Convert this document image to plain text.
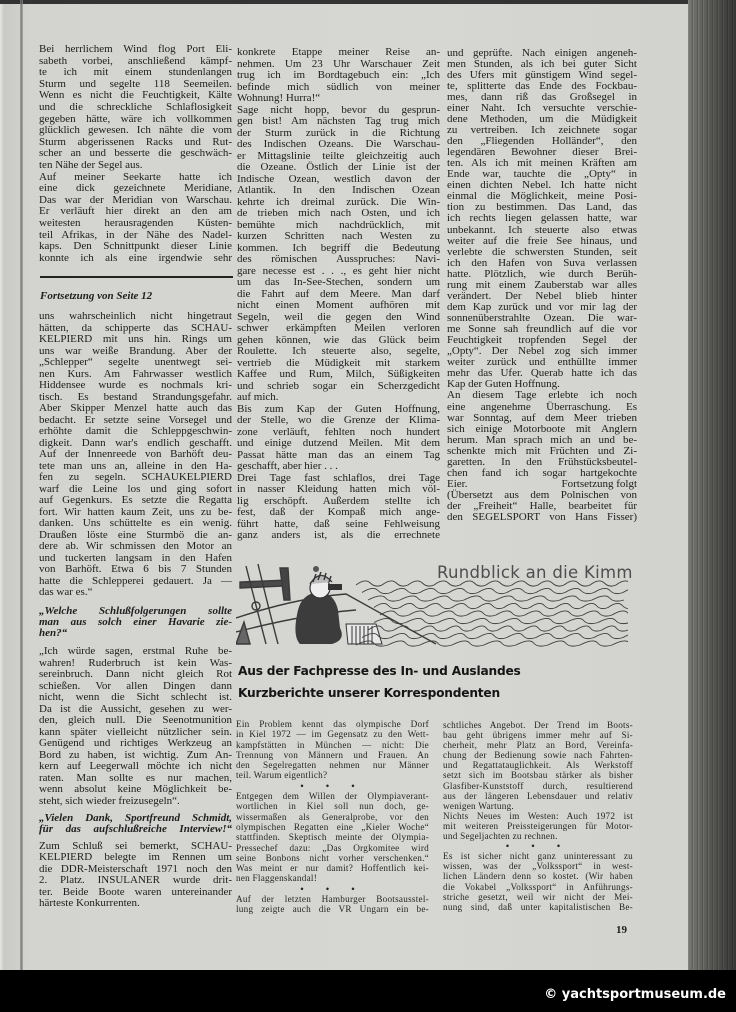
Bei herrlichem Wind flog Port Eli-
sabeth vorbei, anschließend kämpf-
te ich mit einem stundenlangen
Sturm und segelte 118 Seemeilen.
Wenn es nicht die Feuchtigkeit, Kälte
und die schreckliche Schlaflosigkeit
gegeben hätte, wäre ich vollkommen
glücklich gewesen. Ich nähte die vom
Sturm abgerissenen Racks und Rut-
scher an und besserte die geschwäch-
ten Nähe der Segel aus.
Auf meiner Seekarte hatte ich
eine dick gezeichnete Meridiane,
Das war der Meridian von Warschau.
Er verläuft hier direkt an den am
weitesten herausragenden Küsten-
teil Afrikas, in der Nähe des Nadel-
kaps. Den Schnittpunkt dieser Linie
konnte ich als eine irgendwie sehr
Fortsetzung von Seite 12
uns wahrscheinlich nicht hingetraut
hätten, da schipperte das SCHAU-
KELPIERD mit uns hin. Rings um
uns war weiße Brandung. Aber der
„Schlepper“ segelte unentwegt sei-
nen Kurs. Am Fahrwasser westlich
Hiddensee wurde es nochmals kri-
tisch. Es bestand Strandungsgefahr.
Aber Skipper Menzel hatte auch das
bedacht. Er setzte seine Vorsegel und
erhöhte damit die Schleppgeschwin-
digkeit. Dann war's endlich geschafft.
Auf der Innenreede von Barhöft deu-
tete man uns an, alleine in den Ha-
fen zu segeln. SCHAUKELPIERD
warf die Leine los und ging sofort
auf Gegenkurs. Es setzte die Regatta
fort. Wir hatten kaum Zeit, uns zu be-
danken. Uns schüttelte es ein wenig.
Draußen löste eine Sturmbö die an-
dere ab. Wir schmissen den Motor an
und tuckerten langsam in den Hafen
von Barhöft. Etwa 6 bis 7 Stunden
hatte die Schlepperei gedauert. Ja —
das war es.“
„Welche Schlußfolgerungen sollte
man aus solch einer Havarie zie-
hen?“
„Ich würde sagen, erstmal Ruhe be-
wahren! Ruderbruch ist kein Was-
sereinbruch. Dann nicht gleich Rot
schießen. Vor allen Dingen dann
nicht, wenn die Sicht schlecht ist.
Da ist die Aussicht, gesehen zu wer-
den, gleich null. Die Seenotmunition
kann später vielleicht nützlicher sein.
Genügend und richtiges Werkzeug an
Bord zu haben, ist wichtig. Zum An-
kern auf Leegerwall möchte ich nicht
raten. Man sollte es nur machen,
wenn absolut keine Möglichkeit be-
steht, sich wieder freizusegeln“.
„Vielen Dank, Sportfreund Schmidt,
für das aufschlußreiche Interview!“
Zum Schluß sei bemerkt, SCHAU-
KELPIERD belegte im Rennen um
die DDR-Meisterschaft 1971 noch den
2. Platz. INSULANER wurde drit-
ter. Beide Boote waren untereinander
härteste Konkurrenten.
konkrete Etappe meiner Reise an-
nehmen. Um 23 Uhr Warschauer Zeit
trug ich im Bordtagebuch ein: „Ich
befinde mich südlich von meiner
Wohnung! Hurra!“
Sage nicht hopp, bevor du gesprun-
gen bist! Am nächsten Tag trug mich
der Sturm zurück in die Richtung
des Indischen Ozeans. Die Warschau-
er Mittagslinie teilte gleichzeitig auch
die Ozeane. Östlich der Linie ist der
Indische Ozean, westlich davon der
Atlantik. In den Indischen Ozean
kehrte ich dreimal zurück. Die Win-
de trieben mich nach Osten, und ich
bemühte mich nachdrücklich, mit
kurzen Schritten nach Westen zu
kommen. Ich begriff die Bedeutung
des römischen Ausspruches: Navi-
gare necesse est . . ., es geht hier nicht
um das In-See-Stechen, sondern um
die Fahrt auf dem Meere. Man darf
nicht einen Moment aufhören mit
Segeln, weil die gegen den Wind
schwer erkämpften Meilen verloren
gehen können, wie das Glück beim
Roulette. Ich steuerte also, segelte,
vertrieb die Müdigkeit mit starkem
Kaffee und Rum, Milch, Süßigkeiten
und schrieb sogar ein Scherzgedicht
auf mich.
Bis zum Kap der Guten Hoffnung,
der Stelle, wo die Grenze der Klima-
zone verläuft, fehlten noch hundert
und einige dutzend Meilen. Mit dem
Passat hätte man das an einem Tag
geschafft, aber hier . . .
Drei Tage fast schlaflos, drei Tage
in nasser Kleidung hatten mich völ-
lig erschöpft. Außerdem stellte ich
fest, daß der Kompaß mich ange-
führt hatte, daß seine Fehlweisung
ganz anders ist, als die errechnete
und geprüfte. Nach einigen angeneh-
men Stunden, als ich bei guter Sicht
des Ufers mit günstigem Wind segel-
te, splitterte das Ende des Fockbau-
mes, dann riß das Großsegel in
einer Naht. Ich versuchte verschie-
dene Methoden, um die Müdigkeit
zu vertreiben. Ich zeichnete sogar
den „Fliegenden Holländer“, den
legendären Bewohner dieser Brei-
ten. Als ich mit meinen Kräften am
Ende war, tauchte die „Opty“ in
einen dichten Nebel. Ich hatte nicht
einmal die Möglichkeit, meine Posi-
tion zu bestimmen. Das Land, das
ich rechts liegen gelassen hatte, war
unbekannt. Ich steuerte also etwas
weiter auf die freie See hinaus, und
verlebte die schwersten Stunden, seit
ich den Hafen von Suva verlassen
hatte. Plötzlich, wie durch Berüh-
rung mit einem Zauberstab war alles
verändert. Der Nebel blieb hinter
dem Kap zurück und vor mir lag der
sonnenüberstrahlte Ozean. Die war-
me Sonne sah freundlich auf die vor
Feuchtigkeit tropfenden Segel der
„Opty“. Der Nebel zog sich immer
weiter zurück und enthüllte immer
mehr das Ufer. Querab hatte ich das
Kap der Guten Hoffnung.
An diesem Tage erlebte ich noch
eine angenehme Überraschung. Es
war Sonntag, auf dem Meer trieben
sich einige Motorboote mit Anglern
herum. Man sprach mich an und be-
schenkte mich mit Früchten und Zi-
garetten. In den Frühstücksbeutel-
chen fand ich sogar hartgekochte
Eier.	Fortsetzung folgt
(Übersetzt aus dem Polnischen von
der „Freiheit“ Halle, bearbeitet für
den SEGELSPORT von Hans Fisser)
Rundblick an die Kimm
Aus der Fachpresse des In- und Auslandes
Kurzberichte unserer Korrespondenten
Ein Problem kennt das olympische Dorf
in Kiel 1972 — im Gegensatz zu den Wett-
kampfstätten in München — nicht: Die
Trennung von Männern und Frauen. An
den Segelregatten nehmen nur Männer
teil. Warum eigentlich?
• • •
Entgegen dem Willen der Olympiaverant-
wortlichen in Kiel soll nun doch, ge-
wissermaßen als Generalprobe, vor den
olympischen Regatten eine „Kieler Woche“
stattfinden. Skeptisch meinte der Olympia-
Pressechef dazu: „Das Orgkomitee wird
seine Bonbons nicht vorher verschenken.“
Was meint er nur damit? Hoffentlich kei-
nen Flaggenskandal!
• • •
Auf der letzten Hamburger Bootsausstel-
lung zeigte auch die VR Ungarn ein be-
schtliches Angebot. Der Trend im Boots-
bau geht übrigens immer mehr auf Si-
cherheit, mehr Platz an Bord, Vereinfa-
chung der Bedienung sowie nach Fahrten-
und Regattatauglichkeit. Als Werkstoff
setzt sich im Bootsbau stärker als bisher
Glasfiber-Kunststoff durch, resultierend
aus der längeren Lebensdauer und relativ
wenigen Wartung.
Nichts Neues im Westen: Auch 1972 ist
mit weiteren Preissteigerungen für Motor-
und Segeljachten zu rechnen.
• • •
Es ist sicher nicht ganz uninteressant zu
wissen, was der „Volkssport“ in west-
lichen Ländern denn so kostet. (Wir haben
die Vokabel „Volkssport“ in Anführungs-
striche gesetzt, weil wir nicht der Mei-
nung sind, daß unter kapitalistischen Be-
19
© yachtsportmuseum.de
